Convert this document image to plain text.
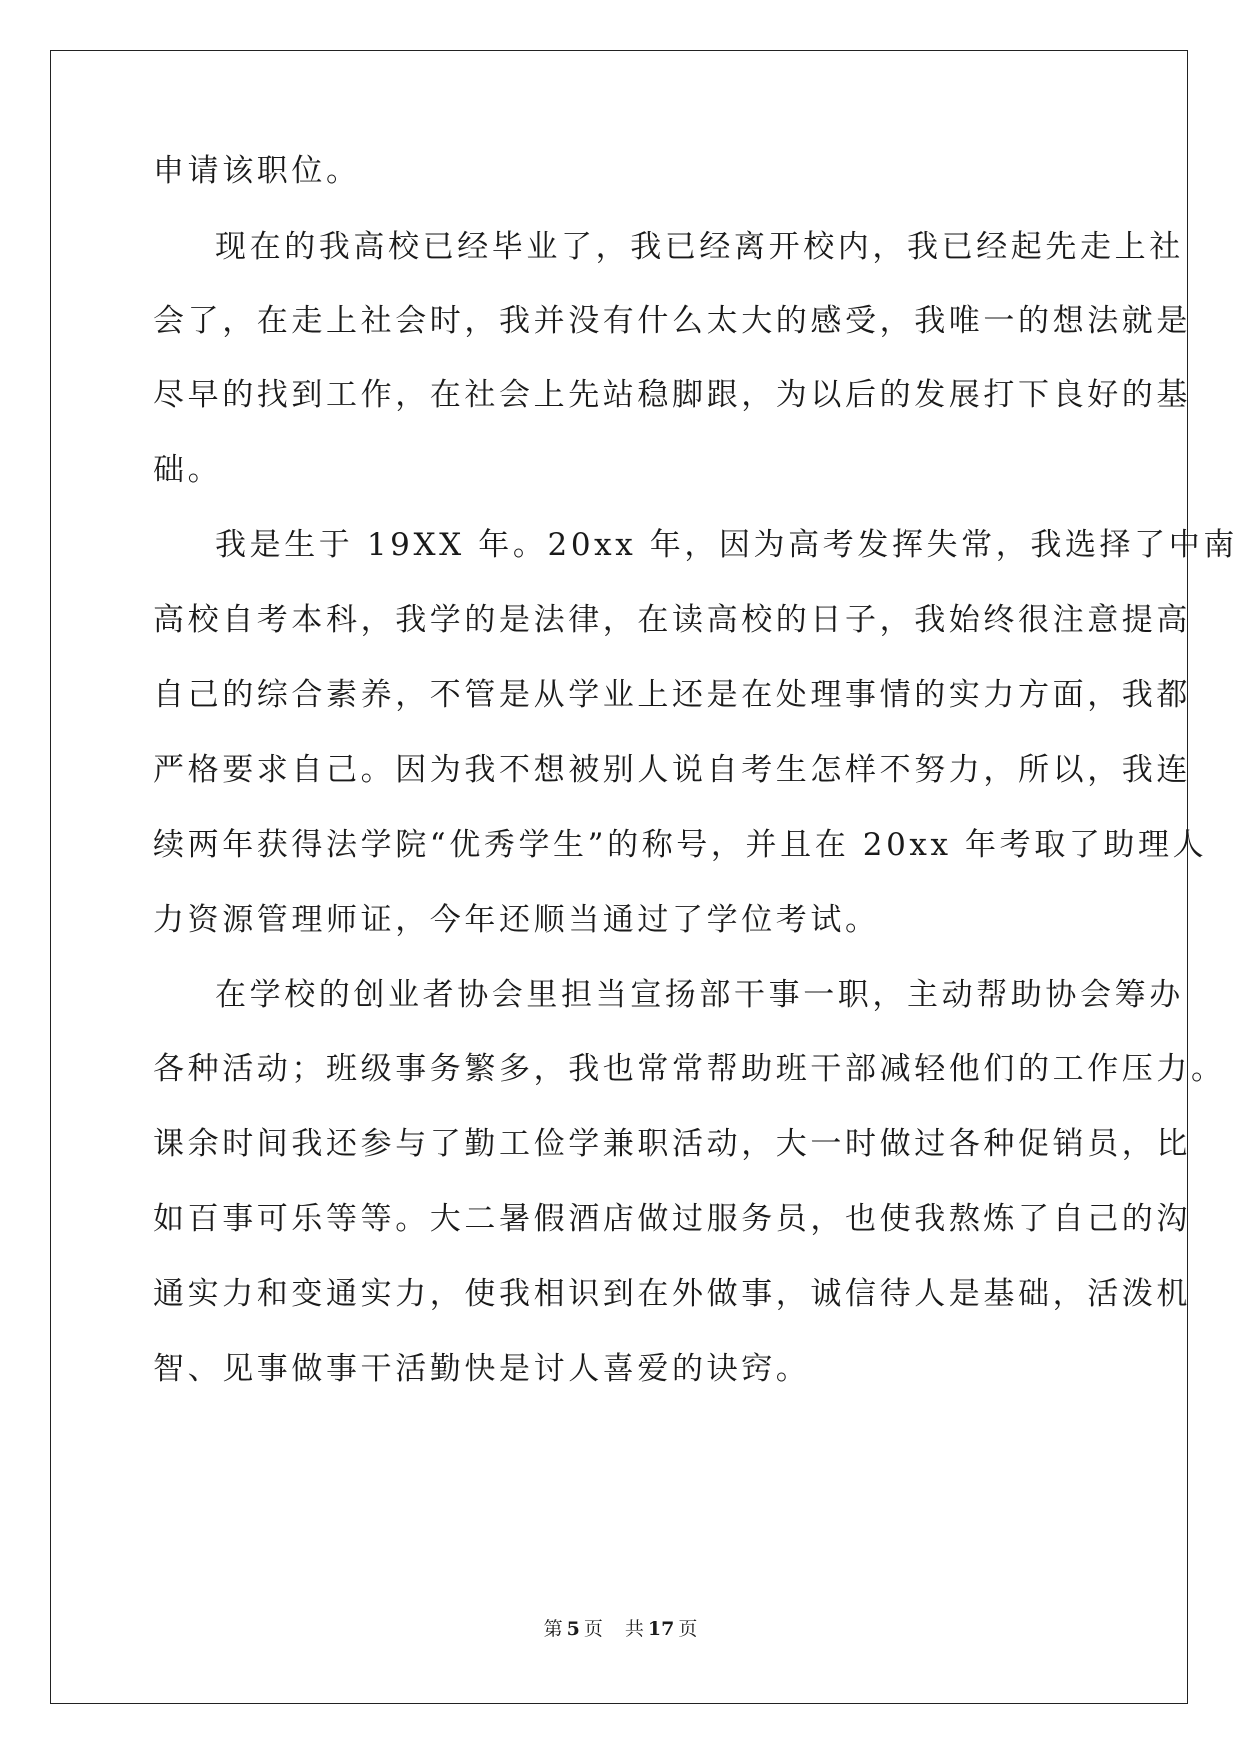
申请该职位。
现在的我高校已经毕业了，我已经离开校内，我已经起先走上社
会了，在走上社会时，我并没有什么太大的感受，我唯一的想法就是
尽早的找到工作，在社会上先站稳脚跟，为以后的发展打下良好的基
础。
我是生于 19XX 年。20xx 年，因为高考发挥失常，我选择了中南
高校自考本科，我学的是法律，在读高校的日子，我始终很注意提高
自己的综合素养，不管是从学业上还是在处理事情的实力方面，我都
严格要求自己。因为我不想被别人说自考生怎样不努力，所以，我连
续两年获得法学院“优秀学生”的称号，并且在 20xx 年考取了助理人
力资源管理师证，今年还顺当通过了学位考试。
在学校的创业者协会里担当宣扬部干事一职，主动帮助协会筹办
各种活动；班级事务繁多，我也常常帮助班干部减轻他们的工作压力。
课余时间我还参与了勤工俭学兼职活动，大一时做过各种促销员，比
如百事可乐等等。大二暑假酒店做过服务员，也使我熬炼了自己的沟
通实力和变通实力，使我相识到在外做事，诚信待人是基础，活泼机
智、见事做事干活勤快是讨人喜爱的诀窍。
第 5 页 共 17 页
